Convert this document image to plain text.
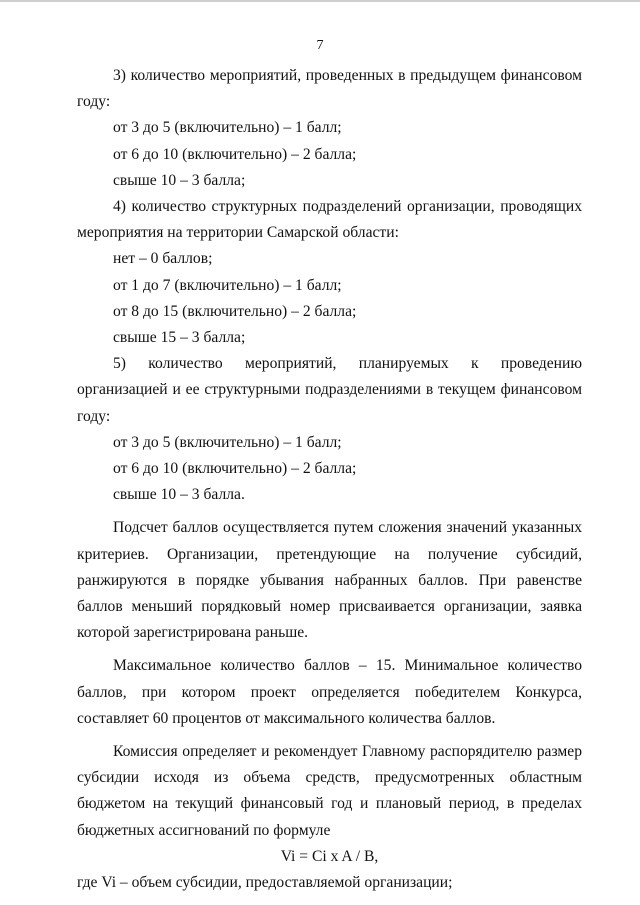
7

3) количество мероприятий, проведенных в предыдущем финансовом году:

от 3 до 5 (включительно) – 1 балл;

от 6 до 10 (включительно) – 2 балла;

свыше 10 – 3 балла;

4) количество структурных подразделений организации, проводящих мероприятия на территории Самарской области:

нет – 0 баллов;

от 1 до 7 (включительно) – 1 балл;

от 8 до 15 (включительно) – 2 балла;

свыше 15 – 3 балла;

5) количество мероприятий, планируемых к проведению организацией и ее структурными подразделениями в текущем финансовом году:

от 3 до 5 (включительно) – 1 балл;

от 6 до 10 (включительно) – 2 балла;

свыше 10 – 3 балла.

Подсчет баллов осуществляется путем сложения значений указанных критериев. Организации, претендующие на получение субсидий, ранжируются в порядке убывания набранных баллов. При равенстве баллов меньший порядковый номер присваивается организации, заявка которой зарегистрирована раньше.

Максимальное количество баллов – 15. Минимальное количество баллов, при котором проект определяется победителем Конкурса, составляет 60 процентов от максимального количества баллов.

Комиссия определяет и рекомендует Главному распорядителю размер субсидии исходя из объема средств, предусмотренных областным бюджетом на текущий финансовый год и плановый период, в пределах бюджетных ассигнований по формуле

Vi = Ci x A / B,

где Vi – объем субсидии, предоставляемой организации;
